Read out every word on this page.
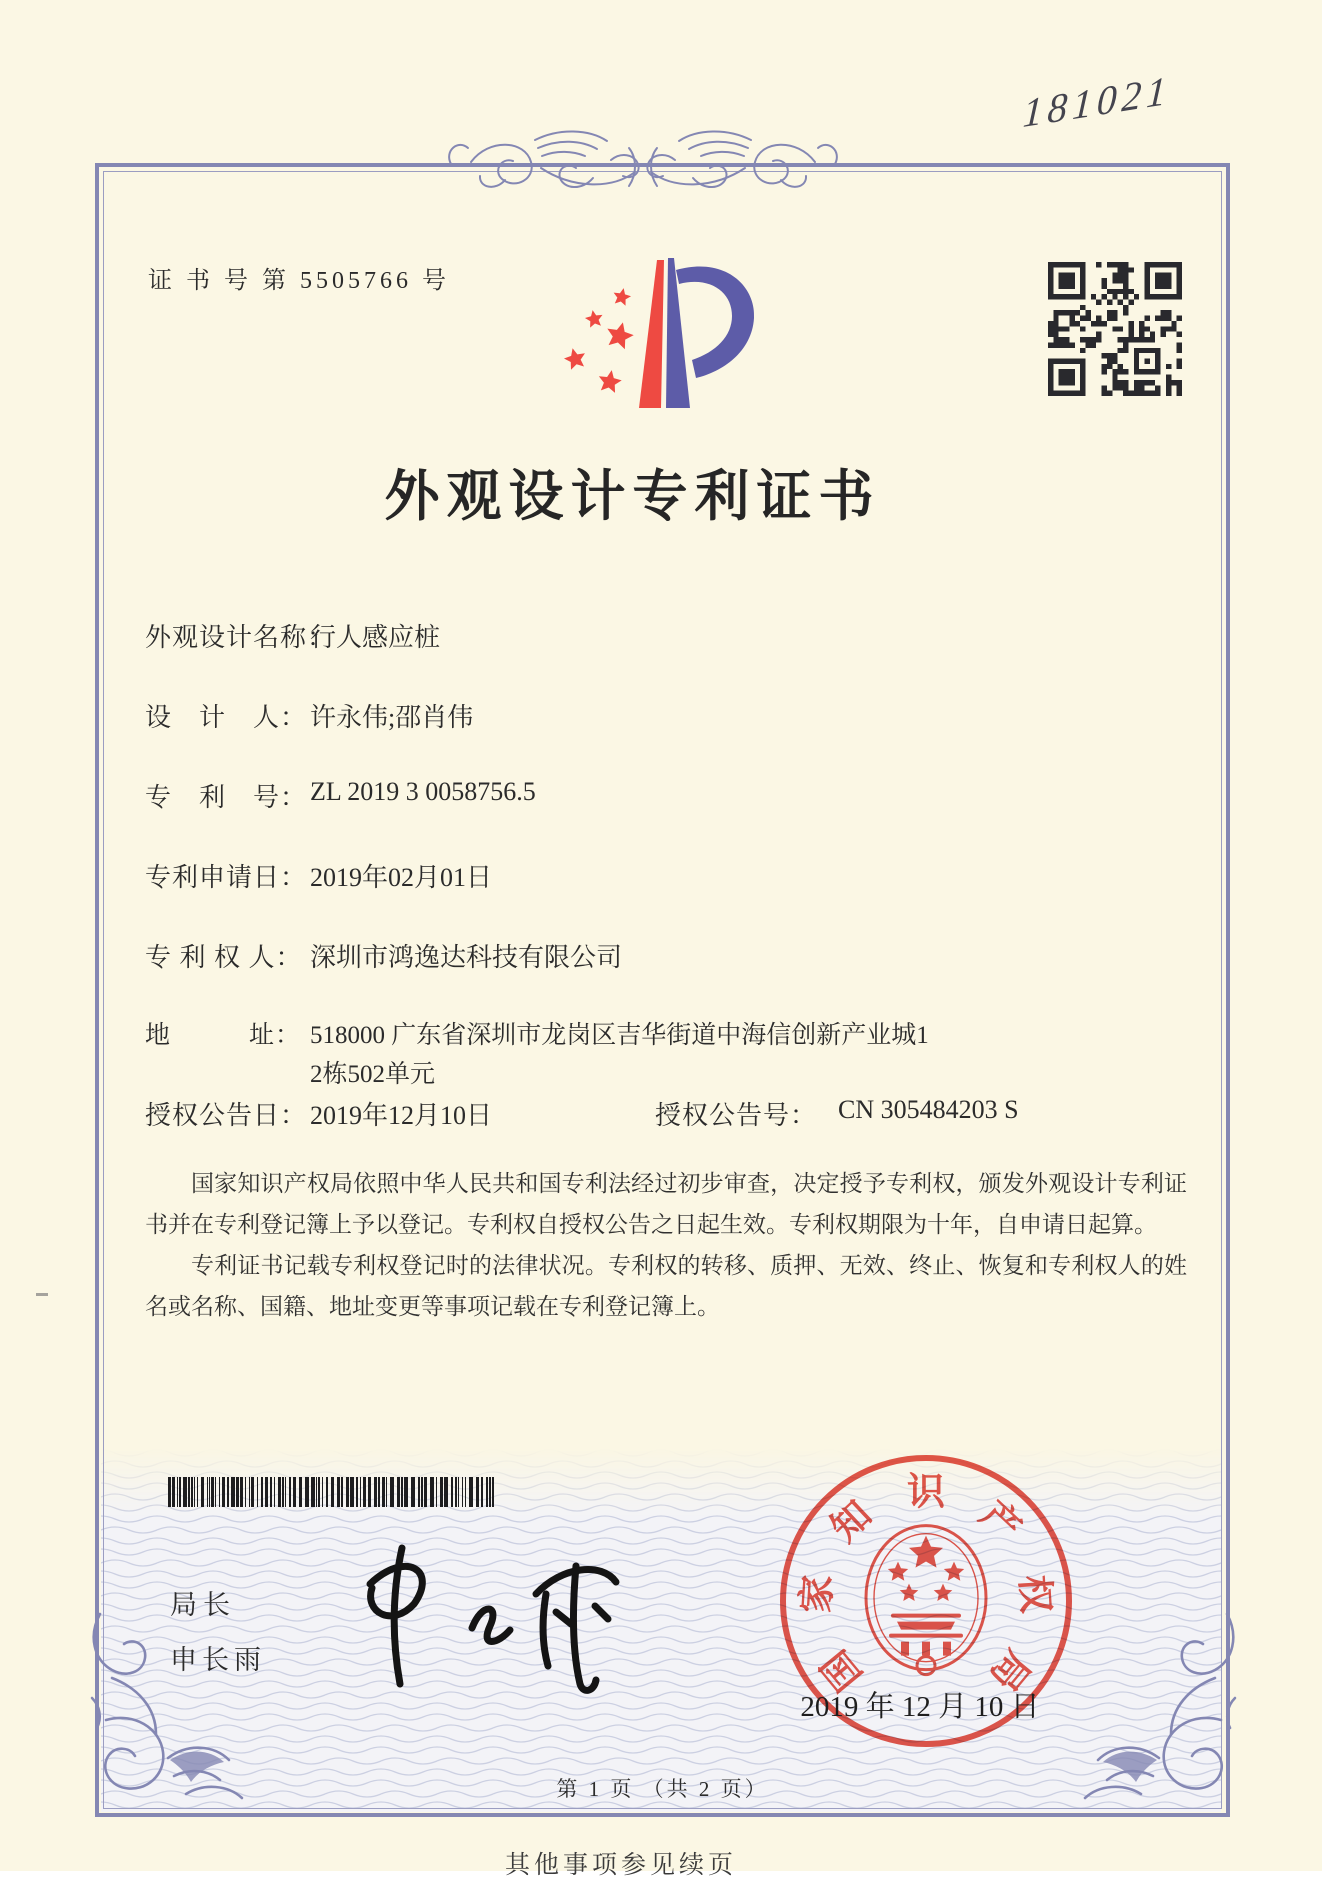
181021
证 书 号 第 5505766 号
外观设计专利证书
外观设计名称：
行人感应桩
设　计　人： 许永伟;邵肖伟
专　利　号： ZL 2019 3 0058756.5
专利申请日： 2019年02月01日
专 利 权 人： 深圳市鸿逸达科技有限公司
地　　　址： 518000 广东省深圳市龙岗区吉华街道中海信创新产业城1
2栋502单元
授权公告日： 2019年12月10日	授权公告号： CN 305484203 S

国家知识产权局依照中华人民共和国专利法经过初步审查，决定授予专利权，颁发外观设计专利证书并在专利登记簿上予以登记。专利权自授权公告之日起生效。专利权期限为十年，自申请日起算。

专利证书记载专利权登记时的法律状况。专利权的转移、质押、无效、终止、恢复和专利权人的姓名或名称、国籍、地址变更等事项记载在专利登记簿上。

局长
申长雨	国
家
知
识
产
权
局
2019 年 12 月 10 日
第 1 页 （共 2 页）
其他事项参见续页
